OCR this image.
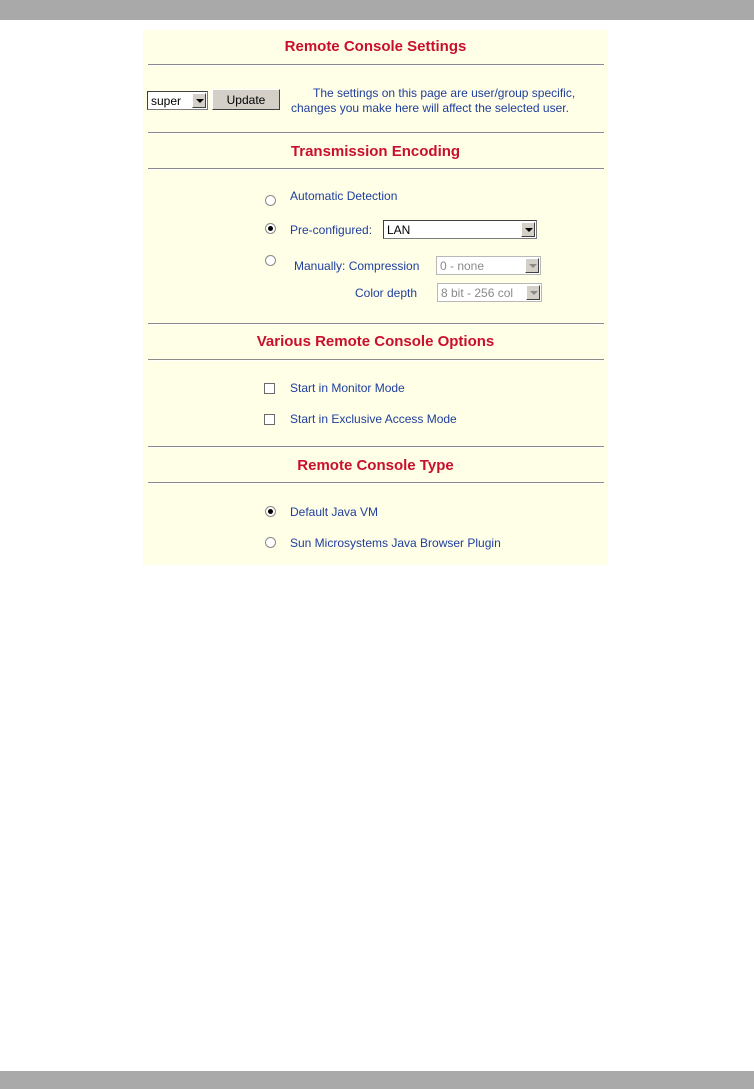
Remote Console Settings
super	Update	The settings on this page are user/group specific,
changes you make here will affect the selected user.
Transmission Encoding
Automatic Detection
Pre-configured: LAN
Manually: Compression 0 - none
Color depth 8 bit - 256 col
Various Remote Console Options
Start in Monitor Mode
Start in Exclusive Access Mode
Remote Console Type
Default Java VM
Sun Microsystems Java Browser Plugin
